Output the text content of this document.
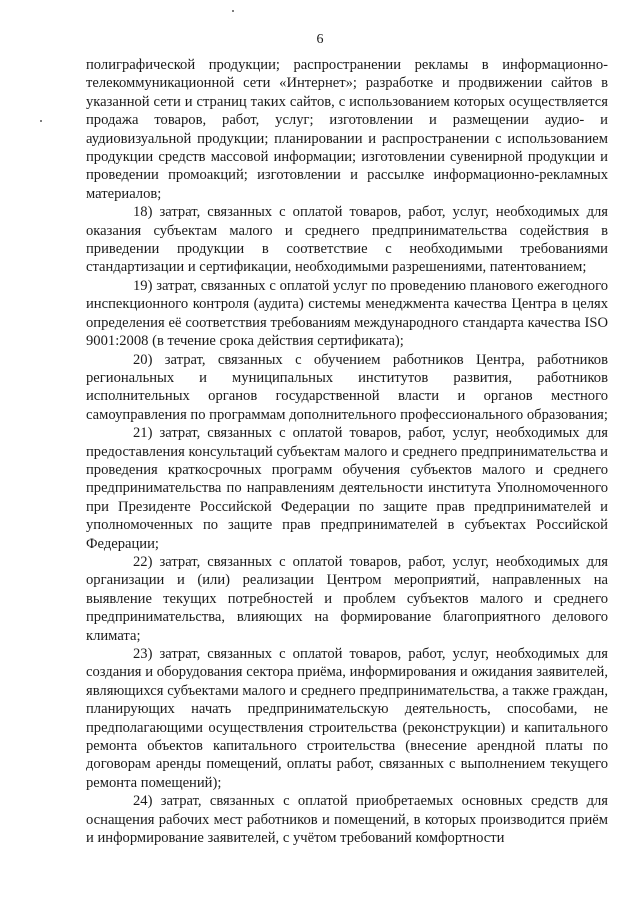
6

полиграфической продукции; распространении рекламы в информационно-телекоммуникационной сети «Интернет»; разработке и продвижении сайтов в указанной сети и страниц таких сайтов, с использованием которых осуществляется продажа товаров, работ, услуг; изготовлении и размещении аудио- и аудиовизуальной продукции; планировании и распространении с использованием продукции средств массовой информации; изготовлении сувенирной продукции и проведении промоакций; изготовлении и рассылке информационно-рекламных материалов;

18) затрат, связанных с оплатой товаров, работ, услуг, необходимых для оказания субъектам малого и среднего предпринимательства содействия в приведении продукции в соответствие с необходимыми требованиями стандартизации и сертификации, необходимыми разрешениями, патентованием;

19) затрат, связанных с оплатой услуг по проведению планового ежегодного инспекционного контроля (аудита) системы менеджмента качества Центра в целях определения её соответствия требованиям международного стандарта качества ISO 9001:2008 (в течение срока действия сертификата);

20) затрат, связанных с обучением работников Центра, работников региональных и муниципальных институтов развития, работников исполнительных органов государственной власти и органов местного самоуправления по программам дополнительного профессионального образования;

21) затрат, связанных с оплатой товаров, работ, услуг, необходимых для предоставления консультаций субъектам малого и среднего предпринимательства и проведения краткосрочных программ обучения субъектов малого и среднего предпринимательства по направлениям деятельности института Уполномоченного при Президенте Российской Федерации по защите прав предпринимателей и уполномоченных по защите прав предпринимателей в субъектах Российской Федерации;

22) затрат, связанных с оплатой товаров, работ, услуг, необходимых для организации и (или) реализации Центром мероприятий, направленных на выявление текущих потребностей и проблем субъектов малого и среднего предпринимательства, влияющих на формирование благоприятного делового климата;

23) затрат, связанных с оплатой товаров, работ, услуг, необходимых для создания и оборудования сектора приёма, информирования и ожидания заявителей, являющихся субъектами малого и среднего предпринимательства, а также граждан, планирующих начать предпринимательскую деятельность, способами, не предполагающими осуществления строительства (реконструкции) и капитального ремонта объектов капитального строительства (внесение арендной платы по договорам аренды помещений, оплаты работ, связанных с выполнением текущего ремонта помещений);

24) затрат, связанных с оплатой приобретаемых основных средств для оснащения рабочих мест работников и помещений, в которых производится приём и информирование заявителей, с учётом требований комфортности
